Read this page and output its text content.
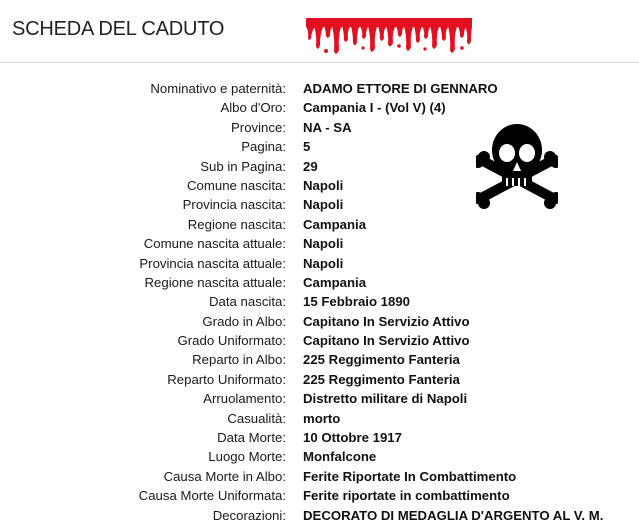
SCHEDA DEL CADUTO
Nominativo e paternità: ADAMO ETTORE DI GENNARO
Albo d'Oro: Campania I - (Vol V) (4)
Province: NA - SA
Pagina: 5
Sub in Pagina: 29
Comune nascita: Napoli
Provincia nascita: Napoli
Regione nascita: Campania
Comune nascita attuale: Napoli
Provincia nascita attuale: Napoli
Regione nascita attuale: Campania
Data nascita: 15 Febbraio 1890
Grado in Albo: Capitano In Servizio Attivo
Grado Uniformato: Capitano In Servizio Attivo
Reparto in Albo: 225 Reggimento Fanteria
Reparto Uniformato: 225 Reggimento Fanteria
Arruolamento: Distretto militare di Napoli
Casualità: morto
Data Morte: 10 Ottobre 1917
Luogo Morte: Monfalcone
Causa Morte in Albo: Ferite Riportate In Combattimento
Causa Morte Uniformata: Ferite riportate in combattimento
Decorazioni: DECORATO DI MEDAGLIA D'ARGENTO AL V. M.
